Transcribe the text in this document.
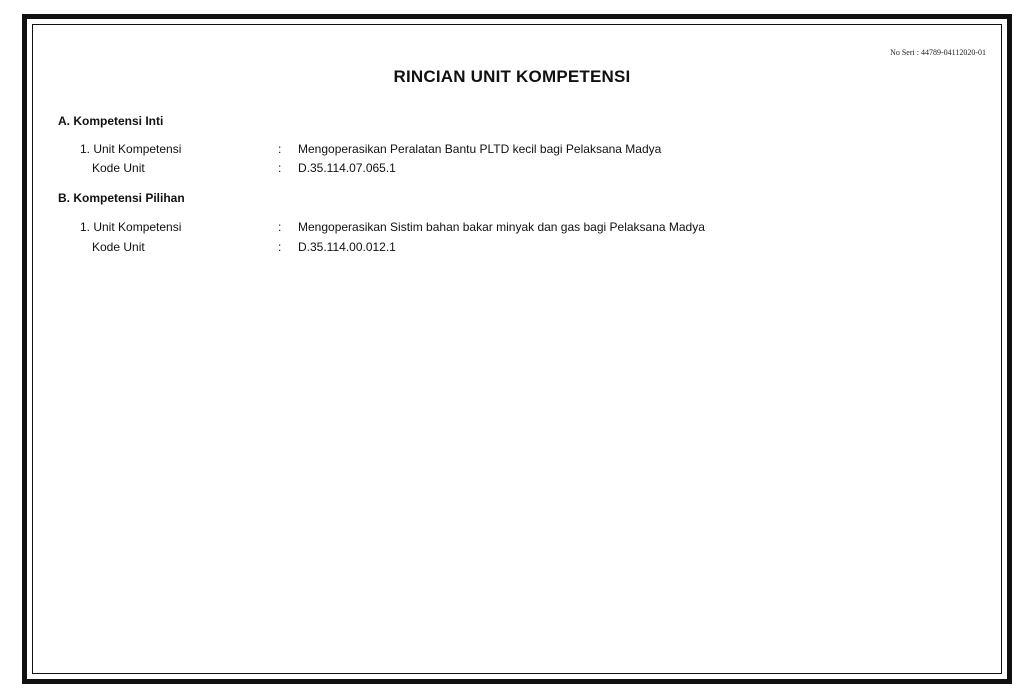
No Seri : 44789-04112020-01
RINCIAN UNIT KOMPETENSI
A. Kompetensi Inti
1. Unit Kompetensi	: Mengoperasikan Peralatan Bantu PLTD kecil bagi Pelaksana Madya
Kode Unit	: D.35.114.07.065.1
B. Kompetensi Pilihan
1. Unit Kompetensi	: Mengoperasikan Sistim bahan bakar minyak dan gas bagi Pelaksana Madya
Kode Unit	: D.35.114.00.012.1
